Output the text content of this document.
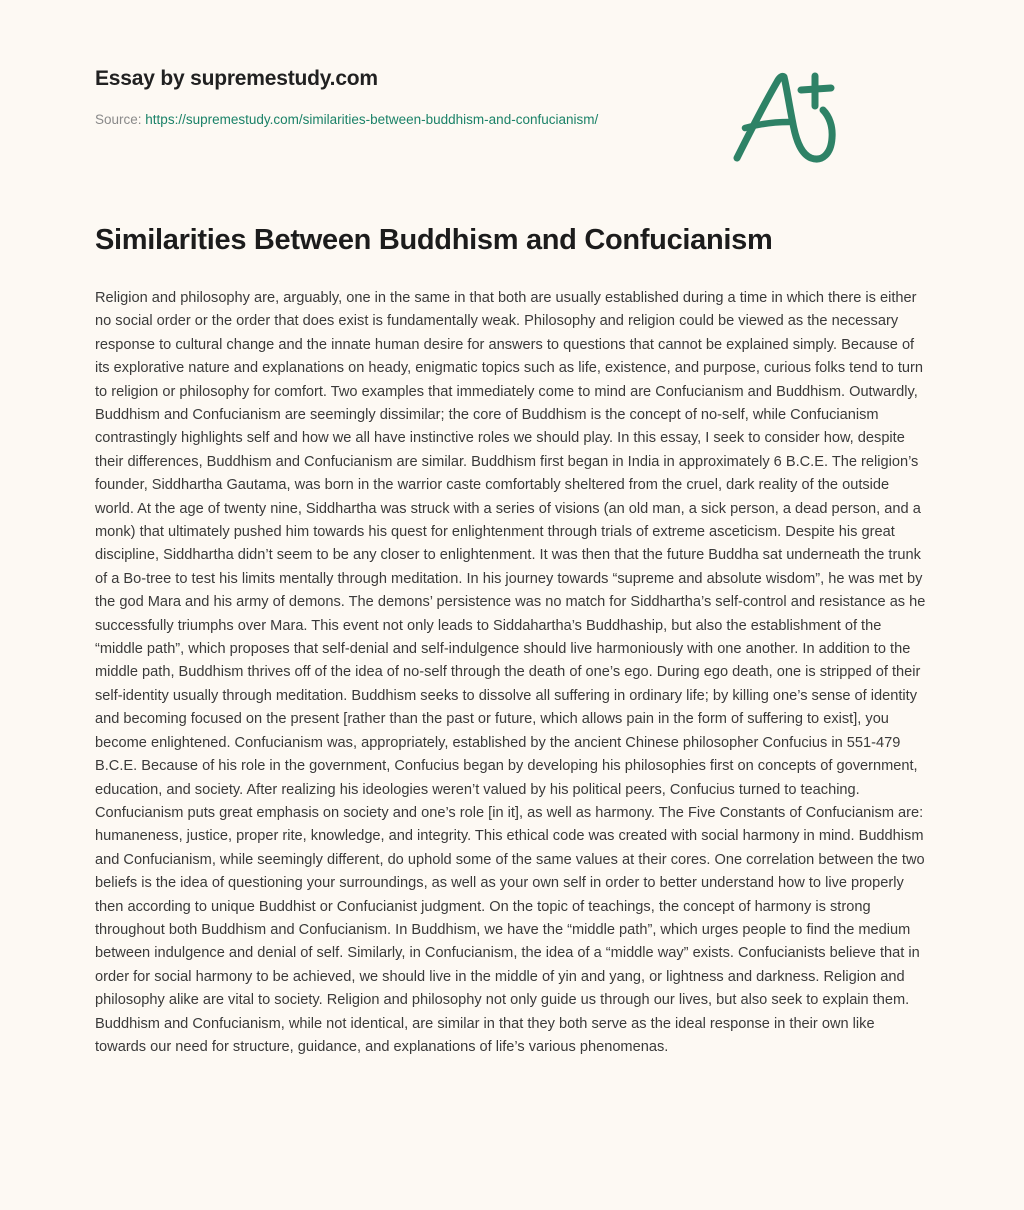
Essay by supremestudy.com
Source: https://supremestudy.com/similarities-between-buddhism-and-confucianism/
Similarities Between Buddhism and Confucianism

Religion and philosophy are, arguably, one in the same in that both are usually established during a time in which there is either no social order or the order that does exist is fundamentally weak. Philosophy and religion could be viewed as the necessary response to cultural change and the innate human desire for answers to questions that cannot be explained simply. Because of its explorative nature and explanations on heady, enigmatic topics such as life, existence, and purpose, curious folks tend to turn to religion or philosophy for comfort. Two examples that immediately come to mind are Confucianism and Buddhism. Outwardly, Buddhism and Confucianism are seemingly dissimilar; the core of Buddhism is the concept of no-self, while Confucianism contrastingly highlights self and how we all have instinctive roles we should play. In this essay, I seek to consider how, despite their differences, Buddhism and Confucianism are similar. Buddhism first began in India in approximately 6 B.C.E. The religion’s founder, Siddhartha Gautama, was born in the warrior caste comfortably sheltered from the cruel, dark reality of the outside world. At the age of twenty nine, Siddhartha was struck with a series of visions (an old man, a sick person, a dead person, and a monk) that ultimately pushed him towards his quest for enlightenment through trials of extreme asceticism. Despite his great discipline, Siddhartha didn’t seem to be any closer to enlightenment. It was then that the future Buddha sat underneath the trunk of a Bo-tree to test his limits mentally through meditation. In his journey towards “supreme and absolute wisdom”, he was met by the god Mara and his army of demons. The demons’ persistence was no match for Siddhartha’s self-control and resistance as he successfully triumphs over Mara. This event not only leads to Siddahartha’s Buddhaship, but also the establishment of the “middle path”, which proposes that self-denial and self-indulgence should live harmoniously with one another. In addition to the middle path, Buddhism thrives off of the idea of no-self through the death of one’s ego. During ego death, one is stripped of their self-identity usually through meditation. Buddhism seeks to dissolve all suffering in ordinary life; by killing one’s sense of identity and becoming focused on the present [rather than the past or future, which allows pain in the form of suffering to exist], you become enlightened. Confucianism was, appropriately, established by the ancient Chinese philosopher Confucius in 551-479 B.C.E. Because of his role in the government, Confucius began by developing his philosophies first on concepts of government, education, and society. After realizing his ideologies weren’t valued by his political peers, Confucius turned to teaching. Confucianism puts great emphasis on society and one’s role [in it], as well as harmony. The Five Constants of Confucianism are: humaneness, justice, proper rite, knowledge, and integrity. This ethical code was created with social harmony in mind. Buddhism and Confucianism, while seemingly different, do uphold some of the same values at their cores. One correlation between the two beliefs is the idea of questioning your surroundings, as well as your own self in order to better understand how to live properly then according to unique Buddhist or Confucianist judgment. On the topic of teachings, the concept of harmony is strong throughout both Buddhism and Confucianism. In Buddhism, we have the “middle path”, which urges people to find the medium between indulgence and denial of self. Similarly, in Confucianism, the idea of a “middle way” exists. Confucianists believe that in order for social harmony to be achieved, we should live in the middle of yin and yang, or lightness and darkness. Religion and philosophy alike are vital to society. Religion and philosophy not only guide us through our lives, but also seek to explain them. Buddhism and Confucianism, while not identical, are similar in that they both serve as the ideal response in their own like towards our need for structure, guidance, and explanations of life’s various phenomenas.
